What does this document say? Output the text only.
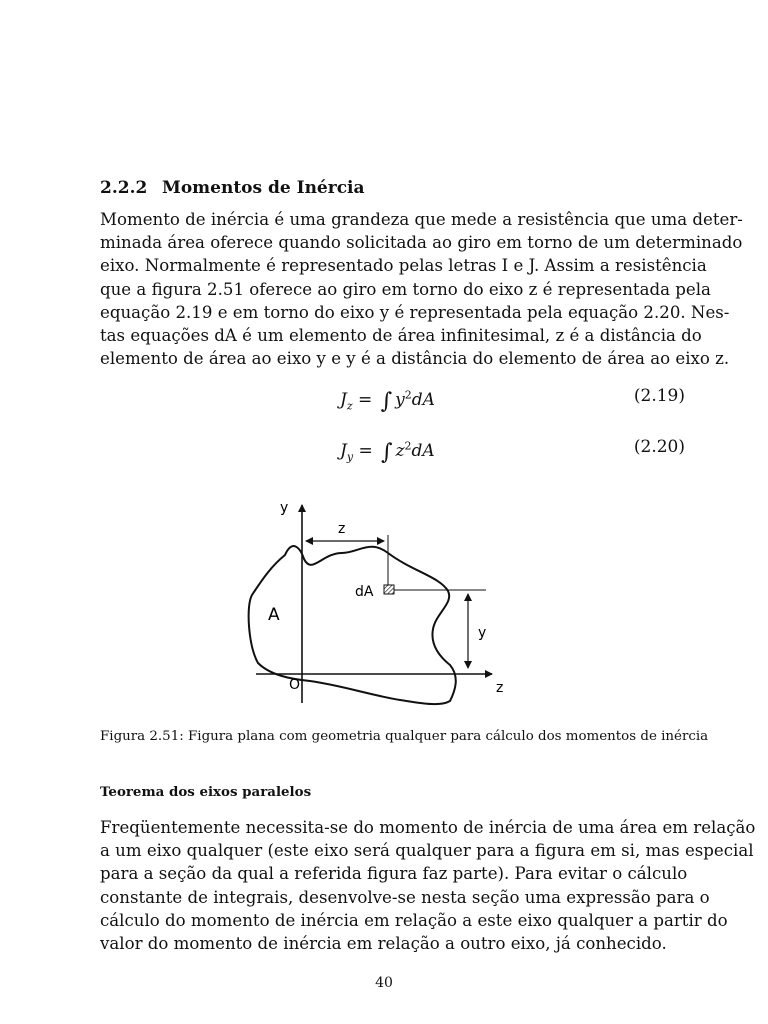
2.2.2 Momentos de Inércia
Momento de inércia é uma grandeza que mede a resistência que uma deter-
minada área oferece quando solicitada ao giro em torno de um determinado
eixo. Normalmente é representado pelas letras I e J. Assim a resistência
que a figura 2.51 oferece ao giro em torno do eixo z é representada pela
equação 2.19 e em torno do eixo y é representada pela equação 2.20. Nes-
tas equações dA é um elemento de área infinitesimal, z é a distância do
elemento de área ao eixo y e y é a distância do elemento de área ao eixo z.
$J_z$ = ∫ $y^2dA$	(2.19)
$J_y$ = ∫ $z^2dA$	(2.20)
y
z
dA
A
y
O	z
Figura 2.51: Figura plana com geometria qualquer para cálculo dos momentos de inércia
Teorema dos eixos paralelos
Freqüentemente necessita-se do momento de inércia de uma área em relação
a um eixo qualquer (este eixo será qualquer para a figura em si, mas especial
para a seção da qual a referida figura faz parte). Para evitar o cálculo
constante de integrais, desenvolve-se nesta seção uma expressão para o
cálculo do momento de inércia em relação a este eixo qualquer a partir do
valor do momento de inércia em relação a outro eixo, já conhecido.
40
